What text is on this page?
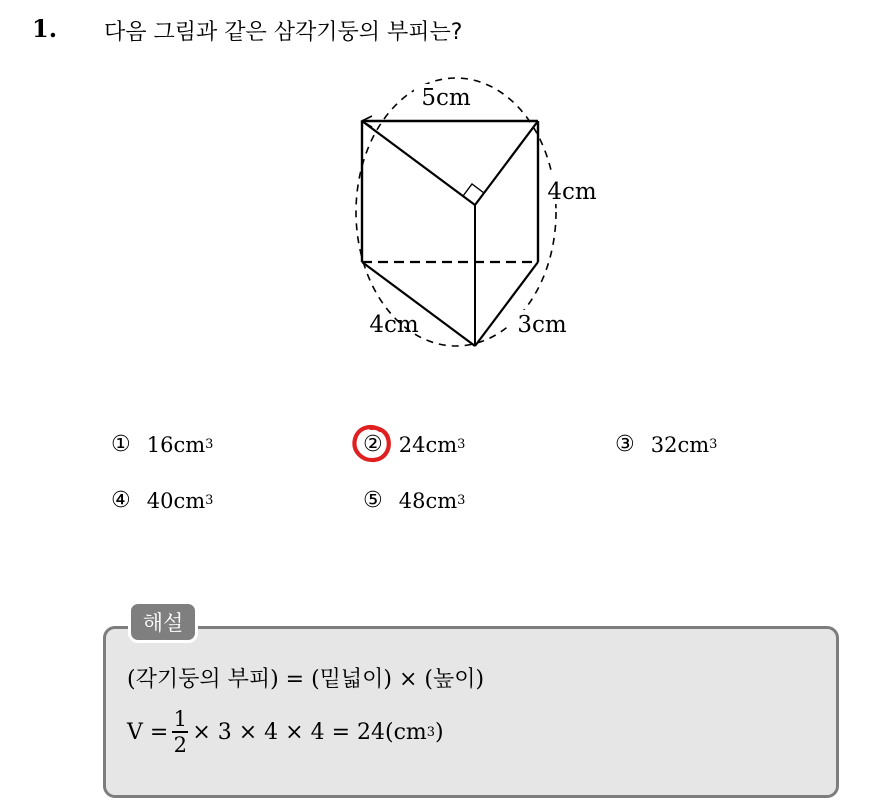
1. 다음 그림과 같은 삼각기둥의 부피는?
5cm
4cm
4cm	3cm
① 16cm 3	② 24cm 3	③ 32cm 3
④ 40cm 3	⑤ 48cm 3
해설
(각기둥의 부피) = (밑넓이) × (높이)
$V = \frac{1}{2} \times 3 \times 4 \times 4 = 24(cm$ 3 )
